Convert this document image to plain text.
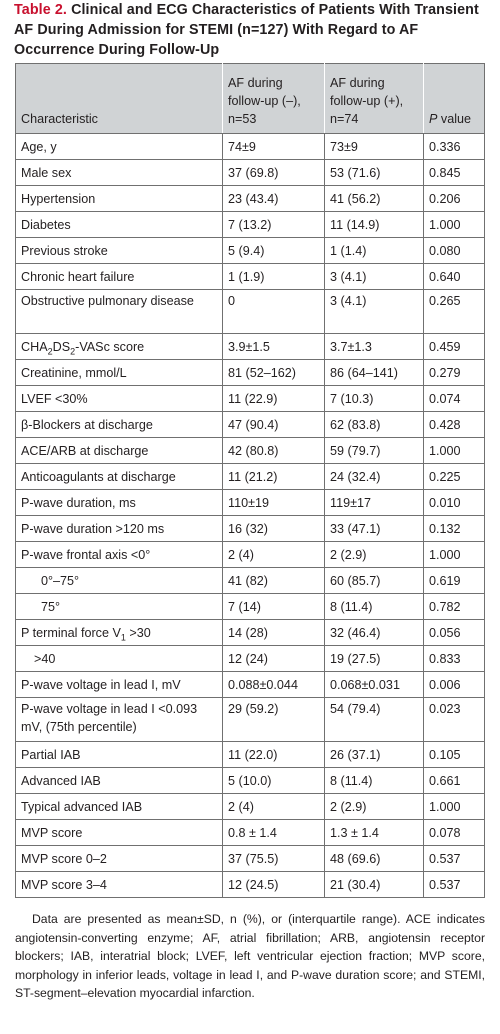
Table 2. Clinical and ECG Characteristics of Patients With Transient AF During Admission for STEMI (n=127) With Regard to AF Occurrence During Follow-Up
Characteristic	AF during follow-up (–), n=53	AF during follow-up (+), n=74	P value
Age, y	74±9	73±9	0.336
Male sex	37 (69.8)	53 (71.6)	0.845
Hypertension	23 (43.4)	41 (56.2)	0.206
Diabetes	7 (13.2)	11 (14.9)	1.000
Previous stroke	5 (9.4)	1 (1.4)	0.080
Chronic heart failure	1 (1.9)	3 (4.1)	0.640
Obstructive pulmonary disease	0	3 (4.1)	0.265
$CHA_2DS_2$-VASc score	3.9±1.5	3.7±1.3	0.459
Creatinine, mmol/L	81 (52–162)	86 (64–141)	0.279
LVEF <30%	11 (22.9)	7 (10.3)	0.074
β-Blockers at discharge	47 (90.4)	62 (83.8)	0.428
ACE/ARB at discharge	42 (80.8)	59 (79.7)	1.000
Anticoagulants at discharge	11 (21.2)	24 (32.4)	0.225
P-wave duration, ms	110±19	119±17	0.010
P-wave duration >120 ms	16 (32)	33 (47.1)	0.132
P-wave frontal axis <0°	2 (4)	2 (2.9)	1.000
0°–75°	41 (82)	60 (85.7)	0.619
75°	7 (14)	8 (11.4)	0.782
P terminal force $V_1 >30$	14 (28)	32 (46.4)	0.056
>40	12 (24)	19 (27.5)	0.833
P-wave voltage in lead I, mV	0.088±0.044	0.068±0.031	0.006
P-wave voltage in lead I <0.093 mV, (75th percentile)	29 (59.2)	54 (79.4)	0.023
Partial IAB	11 (22.0)	26 (37.1)	0.105
Advanced IAB	5 (10.0)	8 (11.4)	0.661
Typical advanced IAB	2 (4)	2 (2.9)	1.000
MVP score	0.8 ± 1.4	1.3 ± 1.4	0.078
MVP score 0–2	37 (75.5)	48 (69.6)	0.537
MVP score 3–4	12 (24.5)	21 (30.4)	0.537
Data are presented as mean±SD, n (%), or (interquartile range). ACE indicates angiotensin-converting enzyme; AF, atrial fibrillation; ARB, angiotensin receptor blockers; IAB, interatrial block; LVEF, left ventricular ejection fraction; MVP score, morphology in inferior leads, voltage in lead I, and P-wave duration score; and STEMI, ST-segment–elevation myocardial infarction.
